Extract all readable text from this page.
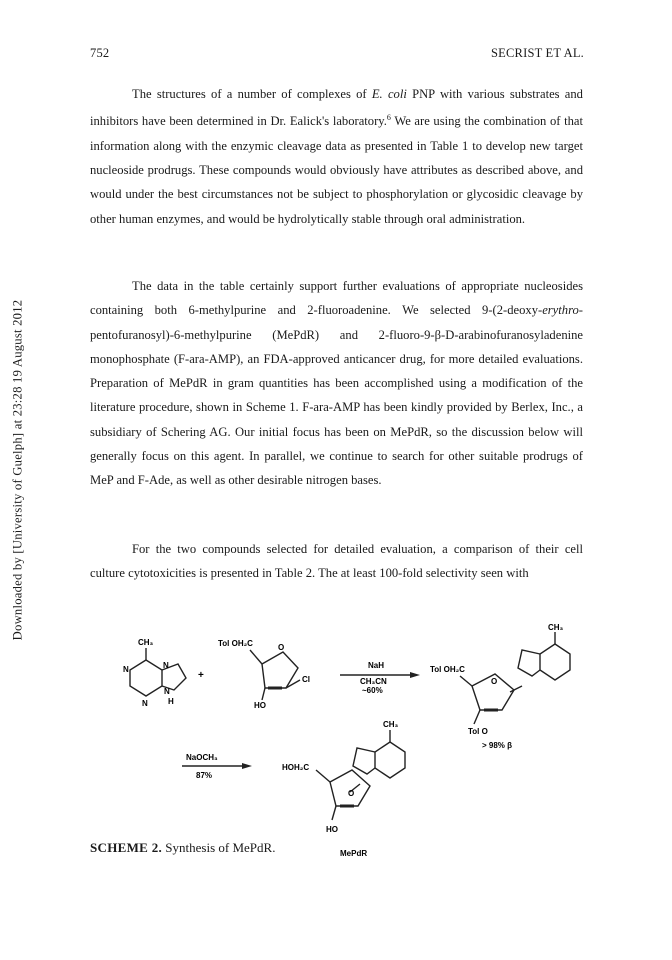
752	SECRIST ET AL.

The structures of a number of complexes of E. coli PNP with various substrates and inhibitors have been determined in Dr. Ealick's laboratory.$^6$ We are using the combination of that information along with the enzymic cleavage data as presented in Table 1 to develop new target nucleoside prodrugs. These compounds would obviously have attributes as described above, and would under the best circumstances not be subject to phosphorylation or glycosidic cleavage by other human enzymes, and would be hydrolytically stable through oral administration.

The data in the table certainly support further evaluations of appropriate nucleosides containing both 6-methylpurine and 2-fluoroadenine. We selected 9-(2-deoxy-erythro-pentofuranosyl)-6-methylpurine (MePdR) and 2-fluoro-9-β-D-arabinofuranosyladenine monophosphate (F-ara-AMP), an FDA-approved anticancer drug, for more detailed evaluations. Preparation of MePdR in gram quantities has been accomplished using a modification of the literature procedure, shown in Scheme 1. F-ara-AMP has been kindly provided by Berlex, Inc., a subsidiary of Schering AG. Our initial focus has been on MePdR, so the discussion below will generally focus on this agent. In parallel, we continue to search for other suitable prodrugs of MeP and F-Ade, as well as other desirable nitrogen bases.

For the two compounds selected for detailed evaluation, a comparison of their cell culture cytotoxicities is presented in Table 2. The at least 100-fold selectivity seen with

Downloaded by [University of Guelph] at 23:28 19 August 2012
CH₃
N
N
N
N
H
+
Tol OH₂C	O
Cl
HO
NaH
CH₃CN
~60%
CH₃
Tol OH₂C
O
Tol O
> 98% β
NaOCH₃
87%
CH₃
HOH₂C
O
HO
MePdR
SCHEME 2. Synthesis of MePdR.
